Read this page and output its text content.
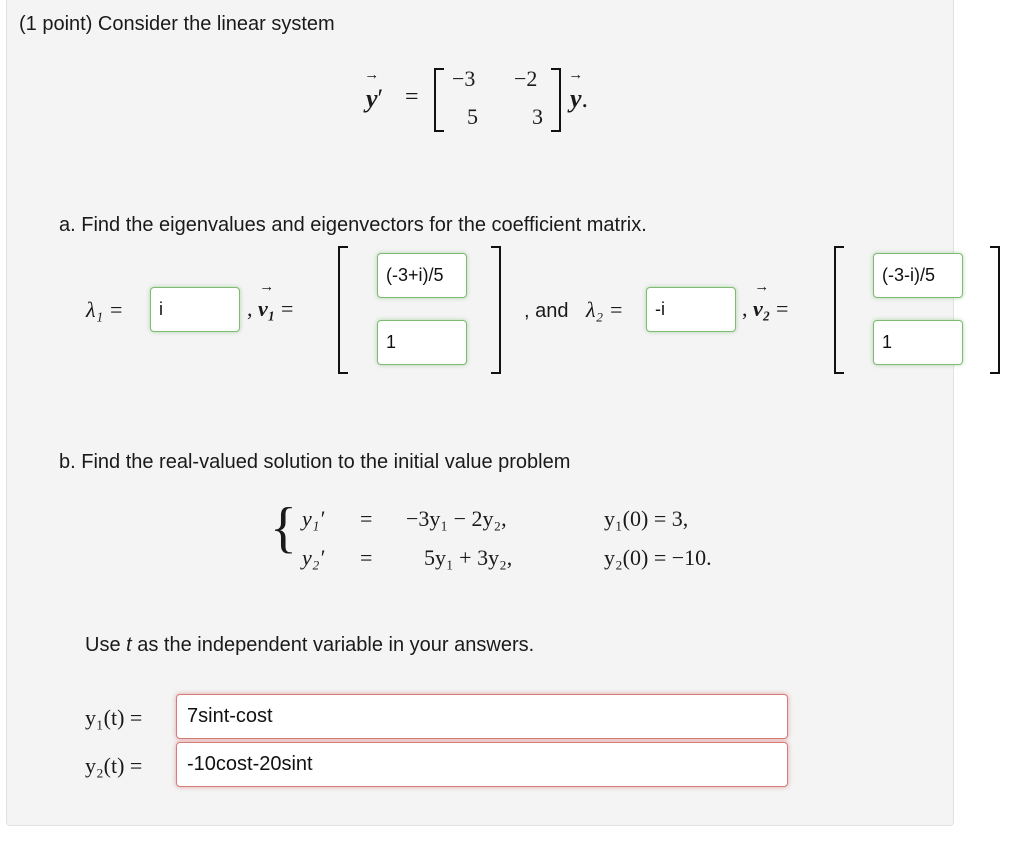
(1 point) Consider the linear system
→ y′ =
−3 −2
5 3
→ y.
a. Find the eigenvalues and eigenvectors for the coefficient matrix.
λ₁ =	i	, → v₁ =
(-3+i)/5
1
, and λ₂ =	-i	, → v₂ =
(-3-i)/5
1
b. Find the real-valued solution to the initial value problem
{ y₁′ = −3y₁ − 2y₂,	y₁(0) = 3,
y₂′ = 5y₁ + 3y₂,	y₂(0) = −10.
Use t as the independent variable in your answers.
y₁(t) =	7sint-cost
y₂(t) =	-10cost-20sint
